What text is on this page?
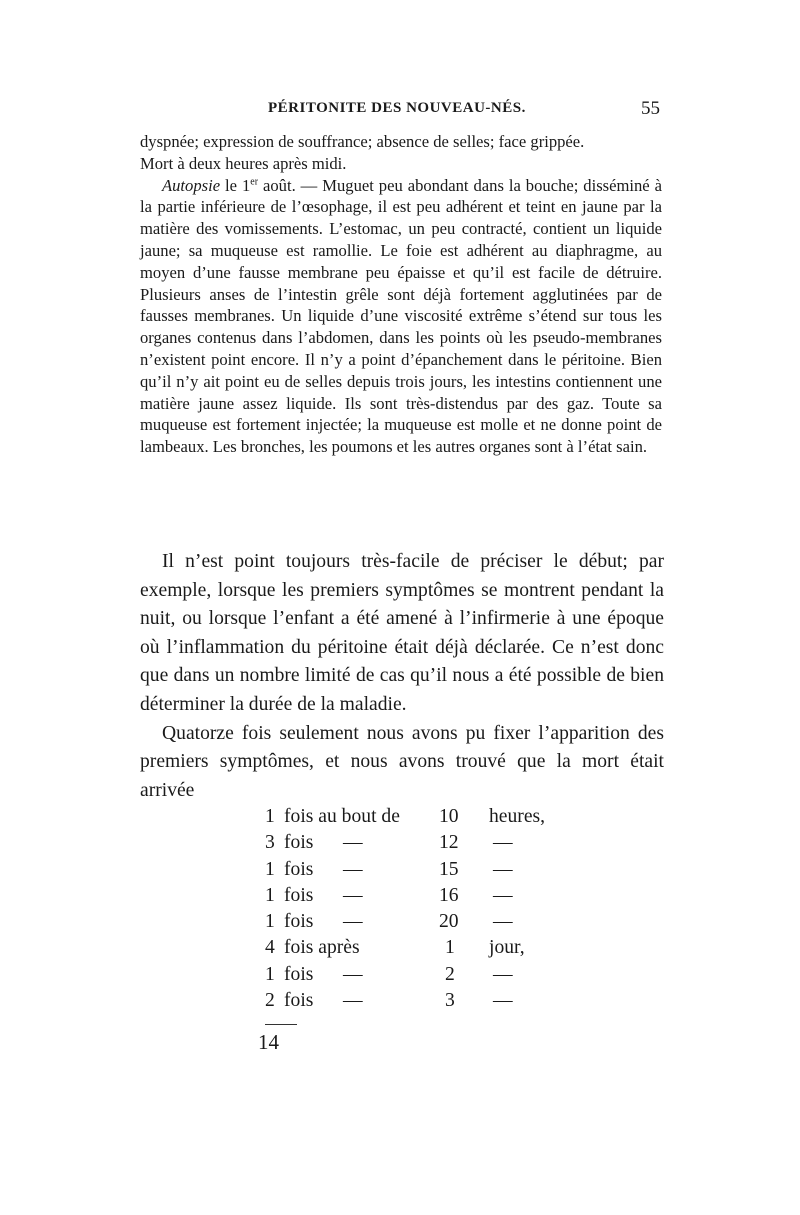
PÉRITONITE DES NOUVEAU-NÉS.	55

dyspnée; expression de souffrance; absence de selles; face grippée.

Mort à deux heures après midi.

Autopsie le 1er août. — Muguet peu abondant dans la bouche; disséminé à la partie inférieure de l’œsophage, il est peu adhérent et teint en jaune par la matière des vomissements. L’estomac, un peu contracté, contient un liquide jaune; sa muqueuse est ramollie. Le foie est adhérent au diaphragme, au moyen d’une fausse membrane peu épaisse et qu’il est facile de détruire. Plusieurs anses de l’intestin grêle sont déjà fortement agglutinées par de fausses membranes. Un liquide d’une viscosité extrême s’étend sur tous les organes contenus dans l’abdomen, dans les points où les pseudo-membranes n’existent point encore. Il n’y a point d’épanchement dans le péritoine. Bien qu’il n’y ait point eu de selles depuis trois jours, les intestins contiennent une matière jaune assez liquide. Ils sont très-distendus par des gaz. Toute sa muqueuse est fortement injectée; la muqueuse est molle et ne donne point de lambeaux. Les bronches, les poumons et les autres organes sont à l’état sain.

Il n’est point toujours très-facile de préciser le début; par exemple, lorsque les premiers symptômes se montrent pendant la nuit, ou lorsque l’enfant a été amené à l’infirmerie à une époque où l’inflammation du péritoine était déjà déclarée. Ce n’est donc que dans un nombre limité de cas qu’il nous a été possible de bien déterminer la durée de la maladie.

Quatorze fois seulement nous avons pu fixer l’apparition des premiers symptômes, et nous avons trouvé que la mort était arrivée

1 fois au bout de 10 heures,
3 fois —	12 —
1 fois —	15 —
1 fois —	16 —
1 fois —	20 —
4 fois après	1 jour,
1 fois —	2 —
2 fois —	3 —
14
